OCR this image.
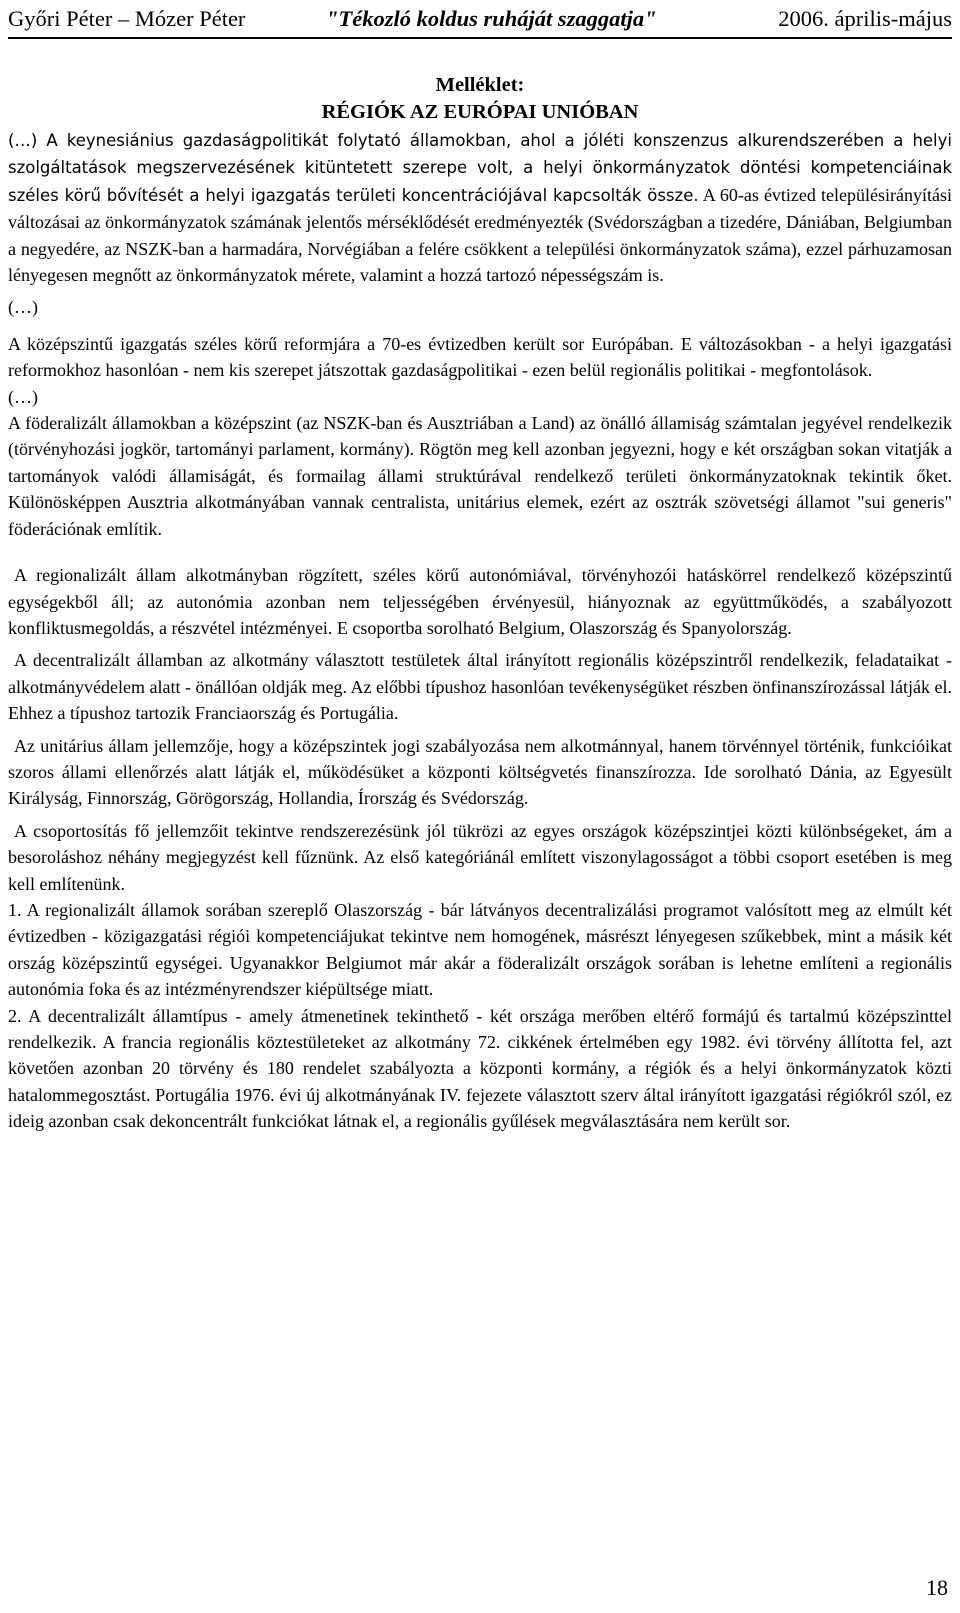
Győri Péter – Mózer Péter	"Tékozló koldus ruháját szaggatja"	2006. április-május
Melléklet:
RÉGIÓK AZ EURÓPAI UNIÓBAN

(…) A keynesiánius gazdaságpolitikát folytató államokban, ahol a jóléti konszenzus alkurendszerében a helyi szolgáltatások megszervezésének kitüntetett szerepe volt, a helyi önkormányzatok döntési kompetenciáinak széles körű bővítését a helyi igazgatás területi koncentrációjával kapcsolták össze. A 60-as évtized településirányítási változásai az önkormányzatok számának jelentős mérséklődését eredményezték (Svédországban a tizedére, Dániában, Belgiumban a negyedére, az NSZK-ban a harmadára, Norvégiában a felére csökkent a települési önkormányzatok száma), ezzel párhuzamosan lényegesen megnőtt az önkormányzatok mérete, valamint a hozzá tartozó népességszám is.

(…)

A középszintű igazgatás széles körű reformjára a 70-es évtizedben került sor Európában. E változásokban - a helyi igazgatási reformokhoz hasonlóan - nem kis szerepet játszottak gazdaságpolitikai - ezen belül regionális politikai - megfontolások.

(…)

A föderalizált államokban a középszint (az NSZK-ban és Ausztriában a Land) az önálló államiság számtalan jegyével rendelkezik (törvényhozási jogkör, tartományi parlament, kormány). Rögtön meg kell azonban jegyezni, hogy e két országban sokan vitatják a tartományok valódi államiságát, és formailag állami struktúrával rendelkező területi önkormányzatoknak tekintik őket. Különösképpen Ausztria alkotmányában vannak centralista, unitárius elemek, ezért az osztrák szövetségi államot "sui generis" föderációnak említik.

A regionalizált állam alkotmányban rögzített, széles körű autonómiával, törvényhozói hatáskörrel rendelkező középszintű egységekből áll; az autonómia azonban nem teljességében érvényesül, hiányoznak az együttműködés, a szabályozott konfliktusmegoldás, a részvétel intézményei. E csoportba sorolható Belgium, Olaszország és Spanyolország.

A decentralizált államban az alkotmány választott testületek által irányított regionális középszintről rendelkezik, feladataikat - alkotmányvédelem alatt - önállóan oldják meg. Az előbbi típushoz hasonlóan tevékenységüket részben önfinanszírozással látják el. Ehhez a típushoz tartozik Franciaország és Portugália.

Az unitárius állam jellemzője, hogy a középszintek jogi szabályozása nem alkotmánnyal, hanem törvénnyel történik, funkcióikat szoros állami ellenőrzés alatt látják el, működésüket a központi költségvetés finanszírozza. Ide sorolható Dánia, az Egyesült Királyság, Finnország, Görögország, Hollandia, Írország és Svédország.

A csoportosítás fő jellemzőit tekintve rendszerezésünk jól tükrözi az egyes országok középszintjei közti különbségeket, ám a besoroláshoz néhány megjegyzést kell fűznünk. Az első kategóriánál említett viszonylagosságot a többi csoport esetében is meg kell említenünk.

1. A regionalizált államok sorában szereplő Olaszország - bár látványos decentralizálási programot valósított meg az elmúlt két évtizedben - közigazgatási régiói kompetenciájukat tekintve nem homogének, másrészt lényegesen szűkebbek, mint a másik két ország középszintű egységei. Ugyanakkor Belgiumot már akár a föderalizált országok sorában is lehetne említeni a regionális autonómia foka és az intézményrendszer kiépültsége miatt.

2. A decentralizált államtípus - amely átmenetinek tekinthető - két országa merőben eltérő formájú és tartalmú középszinttel rendelkezik. A francia regionális köztestületeket az alkotmány 72. cikkének értelmében egy 1982. évi törvény állította fel, azt követően azonban 20 törvény és 180 rendelet szabályozta a központi kormány, a régiók és a helyi önkormányzatok közti hatalommegosztást. Portugália 1976. évi új alkotmányának IV. fejezete választott szerv által irányított igazgatási régiókról szól, ez ideig azonban csak dekoncentrált funkciókat látnak el, a regionális gyűlések megválasztására nem került sor.

18
